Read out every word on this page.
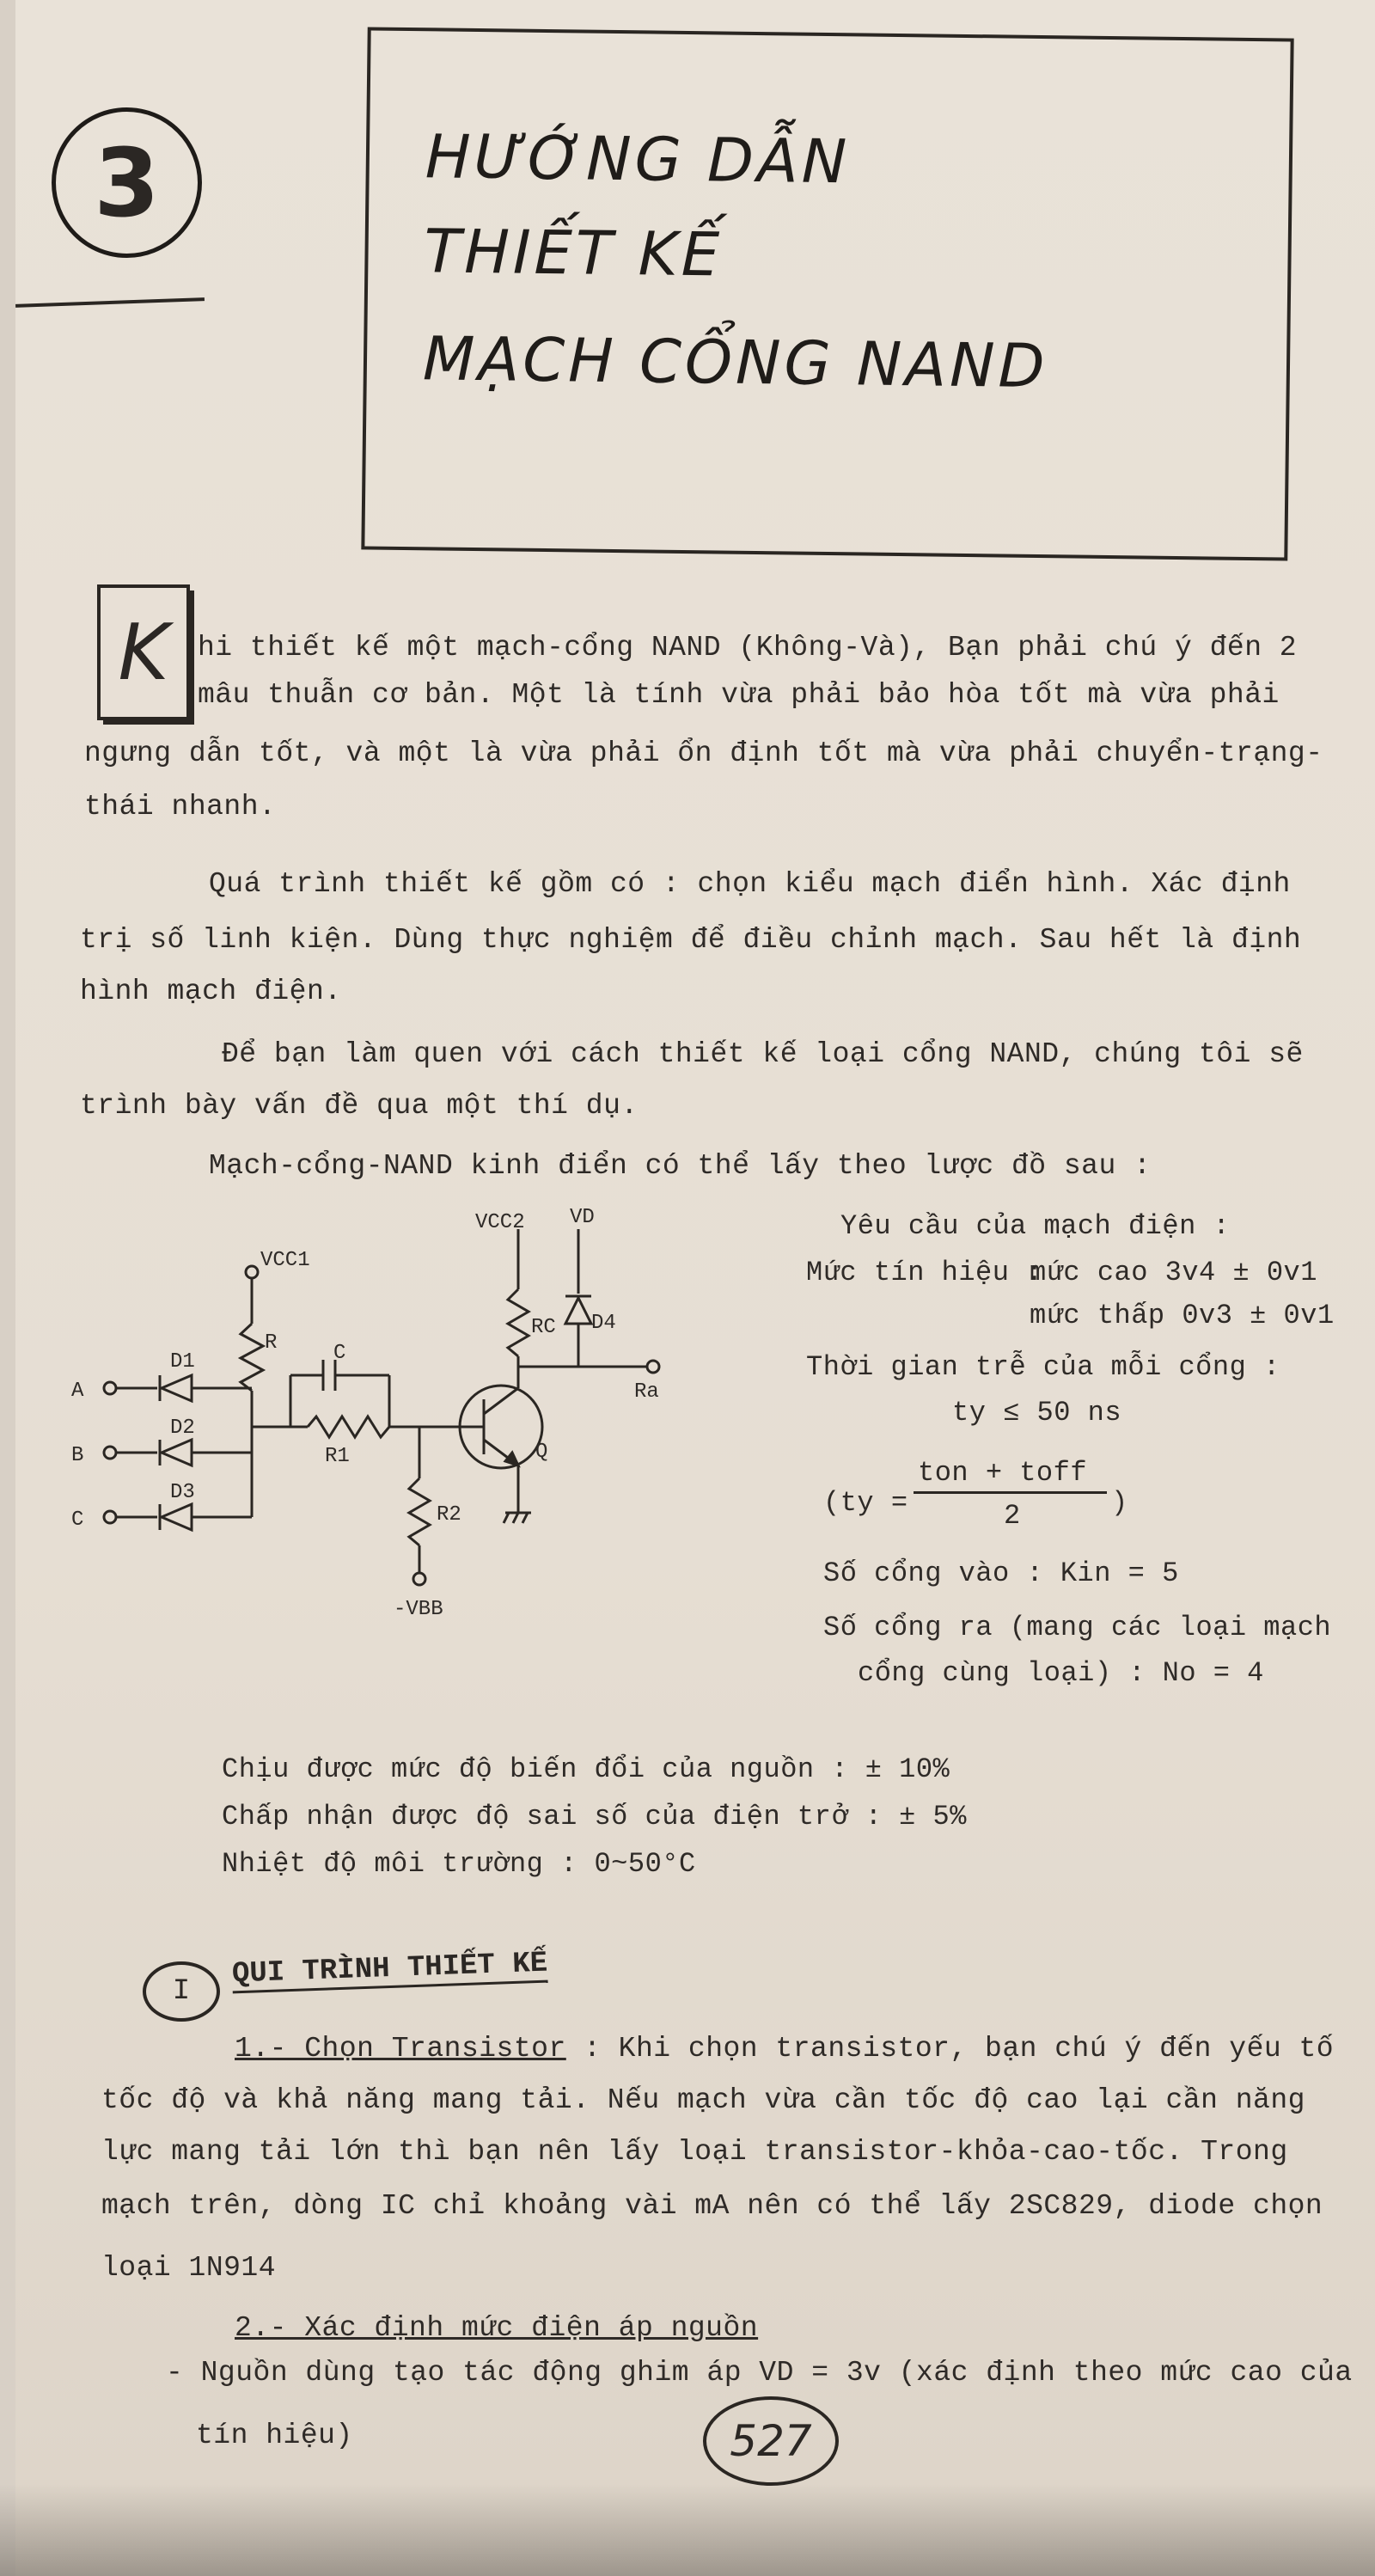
3	HƯỚNG DẪN
THIẾT KẾ
MẠCH CỔNG NAND
K	hi thiết kế một mạch-cổng NAND (Không-Và), Bạn phải chú ý đến 2
mâu thuẫn cơ bản. Một là tính vừa phải bảo hòa tốt mà vừa phải
ngưng dẫn tốt, và một là vừa phải ổn định tốt mà vừa phải chuyển-trạng-
thái nhanh.
Quá trình thiết kế gồm có : chọn kiểu mạch điển hình. Xác định
trị số linh kiện. Dùng thực nghiệm để điều chỉnh mạch. Sau hết là định
hình mạch điện.
Để bạn làm quen với cách thiết kế loại cổng NAND, chúng tôi sẽ
trình bày vấn đề qua một thí dụ.
Mạch-cổng-NAND kinh điển có thể lấy theo lược đồ sau :
VCC1
R
D1
D2
D3
A
B
C
C
R1
R2
-VBB
VCC2
RC
VD
D4
Ra
Q
Yêu cầu của mạch điện :
Mức tín hiệu :
mức cao 3v4 ± 0v1
mức thấp 0v3 ± 0v1
Thời gian trễ của mỗi cổng :
ty ≤ 50 ns
(ty =
ton + toff
2	)
Số cổng vào : Kin = 5
Số cổng ra (mang các loại mạch
cổng cùng loại) : No = 4
Chịu được mức độ biến đổi của nguồn : ± 10%
Chấp nhận được độ sai số của điện trở : ± 5%
Nhiệt độ môi trường : 0~50°C
I
QUI TRÌNH THIẾT KẾ
1.- Chọn Transistor : Khi chọn transistor, bạn chú ý đến yếu tố
tốc độ và khả năng mang tải. Nếu mạch vừa cần tốc độ cao lại cần năng
lực mang tải lớn thì bạn nên lấy loại transistor-khỏa-cao-tốc. Trong
mạch trên, dòng IC chỉ khoảng vài mA nên có thể lấy 2SC829, diode chọn
loại 1N914
2.- Xác định mức điện áp nguồn
- Nguồn dùng tạo tác động ghim áp VD = 3v (xác định theo mức cao của
tín hiệu)	527
